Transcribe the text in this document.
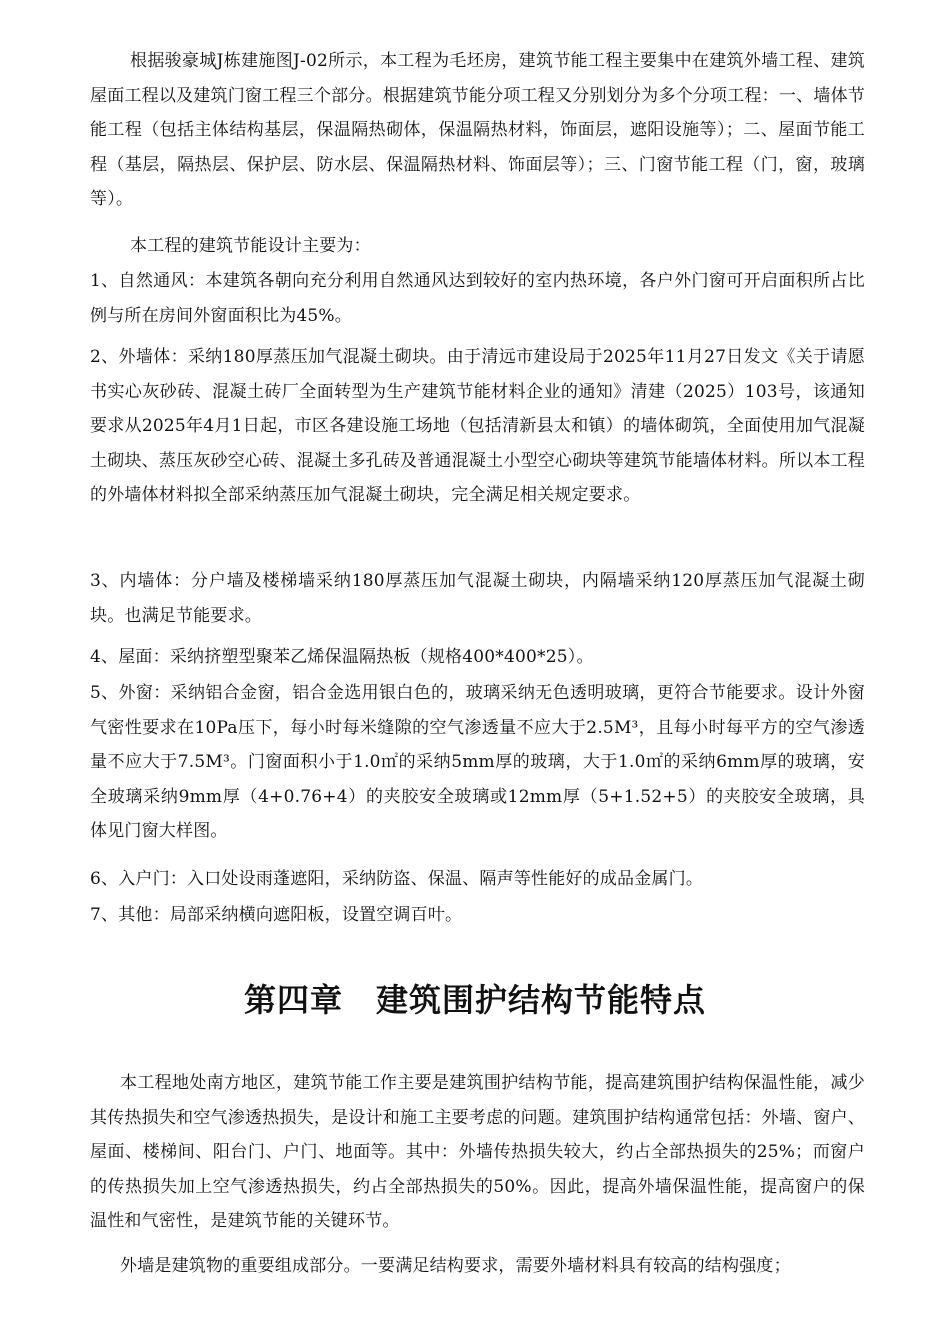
根据骏豪城J栋建施图J-02所示，本工程为毛坯房，建筑节能工程主要集中在建筑外墙工程、建筑屋面工程以及建筑门窗工程三个部分。根据建筑节能分项工程又分别划分为多个分项工程：一、墙体节能工程（包括主体结构基层，保温隔热砌体，保温隔热材料，饰面层，遮阳设施等）；二、屋面节能工程（基层，隔热层、保护层、防水层、保温隔热材料、饰面层等）；三、门窗节能工程（门，窗，玻璃等）。

本工程的建筑节能设计主要为：

1、自然通风：本建筑各朝向充分利用自然通风达到较好的室内热环境，各户外门窗可开启面积所占比例与所在房间外窗面积比为45%。

2、外墙体：采纳180厚蒸压加气混凝土砌块。由于清远市建设局于2025年11月27日发文《关于请愿书实心灰砂砖、混凝土砖厂全面转型为生产建筑节能材料企业的通知》清建（2025）103号，该通知要求从2025年4月1日起，市区各建设施工场地（包括清新县太和镇）的墙体砌筑，全面使用加气混凝土砌块、蒸压灰砂空心砖、混凝土多孔砖及普通混凝土小型空心砌块等建筑节能墙体材料。所以本工程的外墙体材料拟全部采纳蒸压加气混凝土砌块，完全满足相关规定要求。

3、内墙体：分户墙及楼梯墙采纳180厚蒸压加气混凝土砌块，内隔墙采纳120厚蒸压加气混凝土砌块。也满足节能要求。

4、屋面：采纳挤塑型聚苯乙烯保温隔热板（规格400*400*25）。

5、外窗：采纳铝合金窗，铝合金选用银白色的，玻璃采纳无色透明玻璃，更符合节能要求。设计外窗气密性要求在10Pa压下，每小时每米缝隙的空气渗透量不应大于2.5M³，且每小时每平方的空气渗透量不应大于7.5M³。门窗面积小于1.0㎡的采纳5mm厚的玻璃，大于1.0㎡的采纳6mm厚的玻璃，安全玻璃采纳9mm厚（4+0.76+4）的夹胶安全玻璃或12mm厚（5+1.52+5）的夹胶安全玻璃，具体见门窗大样图。

6、入户门：入口处设雨蓬遮阳，采纳防盗、保温、隔声等性能好的成品金属门。

7、其他：局部采纳横向遮阳板，设置空调百叶。

第四章　建筑围护结构节能特点

本工程地处南方地区，建筑节能工作主要是建筑围护结构节能，提高建筑围护结构保温性能，减少其传热损失和空气渗透热损失，是设计和施工主要考虑的问题。建筑围护结构通常包括：外墙、窗户、屋面、楼梯间、阳台门、户门、地面等。其中：外墙传热损失较大，约占全部热损失的25%；而窗户的传热损失加上空气渗透热损失，约占全部热损失的50%。因此，提高外墙保温性能，提高窗户的保温性和气密性，是建筑节能的关键环节。

外墙是建筑物的重要组成部分。一要满足结构要求，需要外墙材料具有较高的结构强度；
